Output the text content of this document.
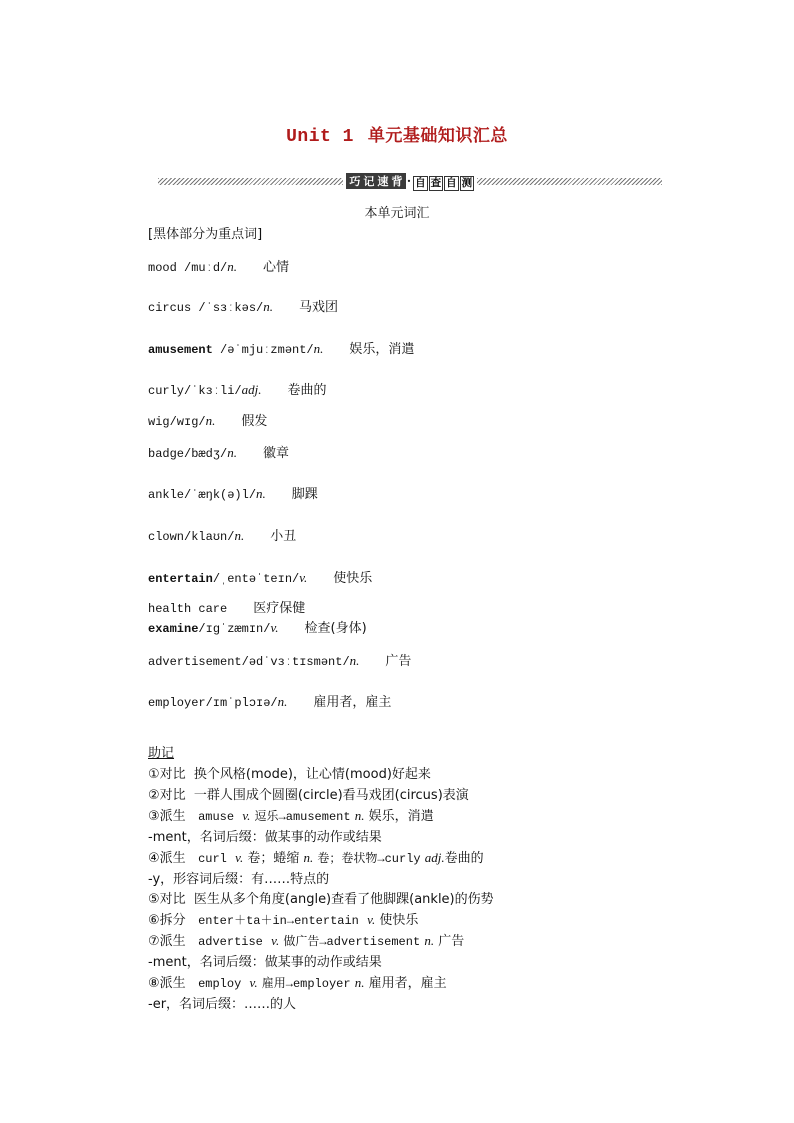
Unit 1 单元基础知识汇总
巧 记 速 背 · 自 查 自 测
本单元词汇
[黑体部分为重点词]
mood /muːd/n. 心情
circus /ˈsɜːkəs/n. 马戏团
amusement /əˈmjuːzmənt/n. 娱乐，消遣
curly/ˈkɜːli/adj. 卷曲的
wig/wɪɡ/n. 假发
badge/bædʒ/n. 徽章
ankle/ˈæŋk(ə)l/n. 脚踝
clown/klaʊn/n. 小丑
entertain/ˌentəˈteɪn/v. 使快乐
health care 医疗保健
examine/ɪɡˈzæmɪn/v. 检查(身体)
advertisement/ədˈvɜːtɪsmənt/n. 广告
employer/ɪmˈplɔɪə/n. 雇用者，雇主
助记
①对比 换个风格(mode)，让心情(mood)好起来
②对比 一群人围成个圆圈(circle)看马戏团(circus)表演
③派生 amuse v. 逗乐→amusement n. 娱乐，消遣
-ment，名词后缀：做某事的动作或结果
④派生 curl v. 卷；蜷缩 n. 卷；卷状物→curly adj.卷曲的
-y，形容词后缀：有……特点的
⑤对比 医生从多个角度(angle)查看了他脚踝(ankle)的伤势
⑥拆分 enter＋ta＋in→entertain v. 使快乐
⑦派生 advertise v. 做广告→advertisement n. 广告
-ment，名词后缀：做某事的动作或结果
⑧派生 employ v. 雇用→employer n. 雇用者，雇主
-er，名词后缀：……的人
